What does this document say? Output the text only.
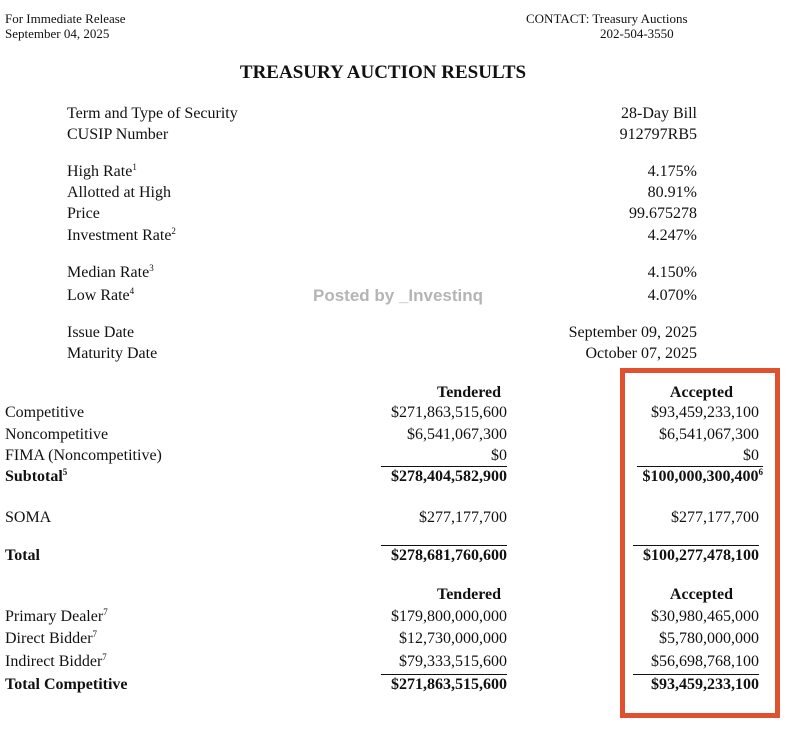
For Immediate Release
September 04, 2025
CONTACT: Treasury Auctions
202-504-3550
TREASURY AUCTION RESULTS
Term and Type of Security	28-Day Bill
CUSIP Number	912797RB5
High Rate$^1$	4.175%
Allotted at High	80.91%
Price	99.675278
Investment Rate$^2$	4.247%
Median Rate$^3$	4.150%
Low Rate$^4$	4.070%
Issue Date	September 09, 2025
Maturity Date	October 07, 2025
Posted by _Investinq
Tendered	Accepted
Competitive	$271,863,515,600	$93,459,233,100
Noncompetitive	$6,541,067,300	$6,541,067,300
FIMA (Noncompetitive)	$0	$0
Subtotal$^5$	$278,404,582,900	$100,000,300,400$^6$
SOMA	$277,177,700	$277,177,700
Total	$278,681,760,600	$100,277,478,100
Tendered	Accepted
Primary Dealer$^7$	$179,800,000,000	$30,980,465,000
Direct Bidder$^7$	$12,730,000,000	$5,780,000,000
Indirect Bidder$^7$	$79,333,515,600	$56,698,768,100
Total Competitive	$271,863,515,600	$93,459,233,100
